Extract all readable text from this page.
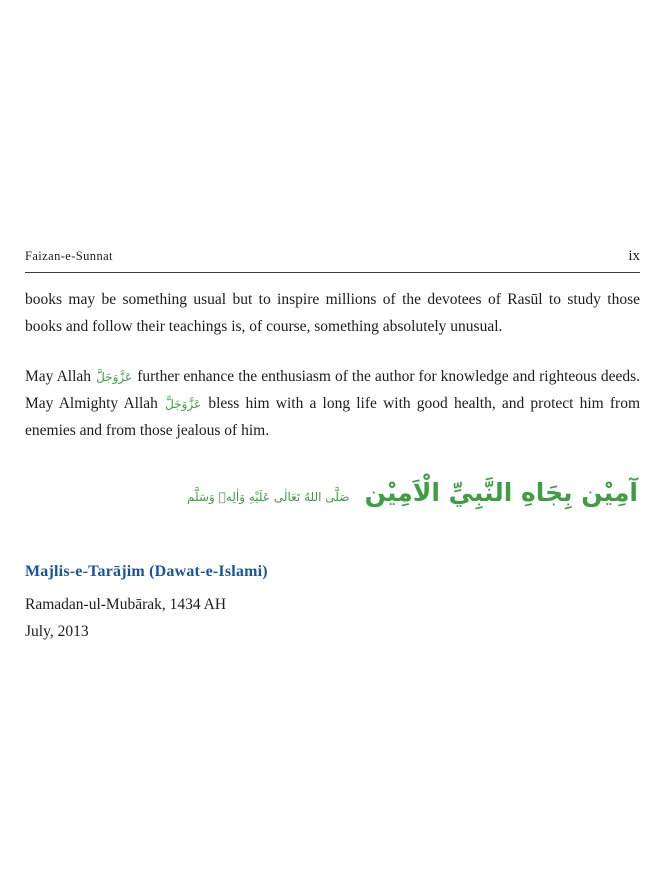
Faizan-e-Sunnat	ix

books may be something usual but to inspire millions of the devotees of Rasūl to study those books and follow their teachings is, of course, something absolutely unusual.

May Allah عَزَّوَجَلَّ further enhance the enthusiasm of the author for knowledge and righteous deeds. May Almighty Allah عَزَّوَجَلَّ bless him with a long life with good health, and protect him from enemies and from those jealous of him.

آمِيْن بِجَاهِ النَّبِيِّ الْاَمِيْن صَلَّى اللهُ تَعَالٰى عَلَيْهِ وَاٰلِهٖ وَسَلَّم
Majlis-e-Tarājim (Dawat-e-Islami)
Ramadan-ul-Mubārak, 1434 AH
July, 2013
